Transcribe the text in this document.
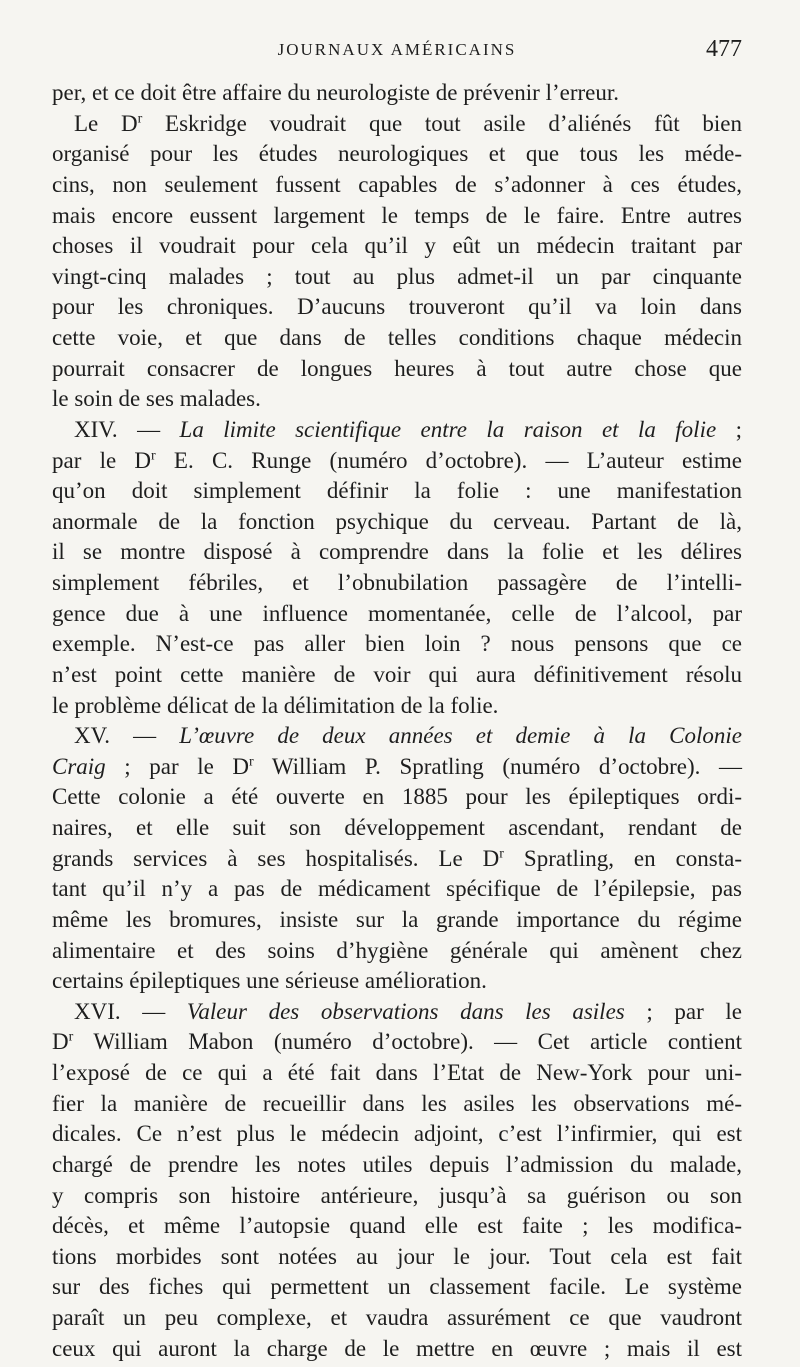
JOURNAUX AMÉRICAINS	477
per, et ce doit être affaire du neurologiste de prévenir l’erreur.
Le $D^r$ Eskridge voudrait que tout asile d’aliénés fût bien
organisé pour les études neurologiques et que tous les méde-
cins, non seulement fussent capables de s’adonner à ces études,
mais encore eussent largement le temps de le faire. Entre autres
choses il voudrait pour cela qu’il y eût un médecin traitant par
vingt-cinq malades ; tout au plus admet-il un par cinquante
pour les chroniques. D’aucuns trouveront qu’il va loin dans
cette voie, et que dans de telles conditions chaque médecin
pourrait consacrer de longues heures à tout autre chose que
le soin de ses malades.
XIV. — La limite scientifique entre la raison et la folie ;
par le $D^r$ E. C. Runge (numéro d’octobre). — L’auteur estime
qu’on doit simplement définir la folie : une manifestation
anormale de la fonction psychique du cerveau. Partant de là,
il se montre disposé à comprendre dans la folie et les délires
simplement fébriles, et l’obnubilation passagère de l’intelli-
gence due à une influence momentanée, celle de l’alcool, par
exemple. N’est-ce pas aller bien loin ? nous pensons que ce
n’est point cette manière de voir qui aura définitivement résolu
le problème délicat de la délimitation de la folie.
XV. — L’œuvre de deux années et demie à la Colonie
Craig ; par le $D^r$ William P. Spratling (numéro d’octobre). —
Cette colonie a été ouverte en 1885 pour les épileptiques ordi-
naires, et elle suit son développement ascendant, rendant de
grands services à ses hospitalisés. Le $D^r$ Spratling, en consta-
tant qu’il n’y a pas de médicament spécifique de l’épilepsie, pas
même les bromures, insiste sur la grande importance du régime
alimentaire et des soins d’hygiène générale qui amènent chez
certains épileptiques une sérieuse amélioration.
XVI. — Valeur des observations dans les asiles ; par le
$D^r$ William Mabon (numéro d’octobre). — Cet article contient
l’exposé de ce qui a été fait dans l’Etat de New-York pour uni-
fier la manière de recueillir dans les asiles les observations mé-
dicales. Ce n’est plus le médecin adjoint, c’est l’infirmier, qui est
chargé de prendre les notes utiles depuis l’admission du malade,
y compris son histoire antérieure, jusqu’à sa guérison ou son
décès, et même l’autopsie quand elle est faite ; les modifica-
tions morbides sont notées au jour le jour. Tout cela est fait
sur des fiches qui permettent un classement facile. Le système
paraît un peu complexe, et vaudra assurément ce que vaudront
ceux qui auront la charge de le mettre en œuvre ; mais il est
